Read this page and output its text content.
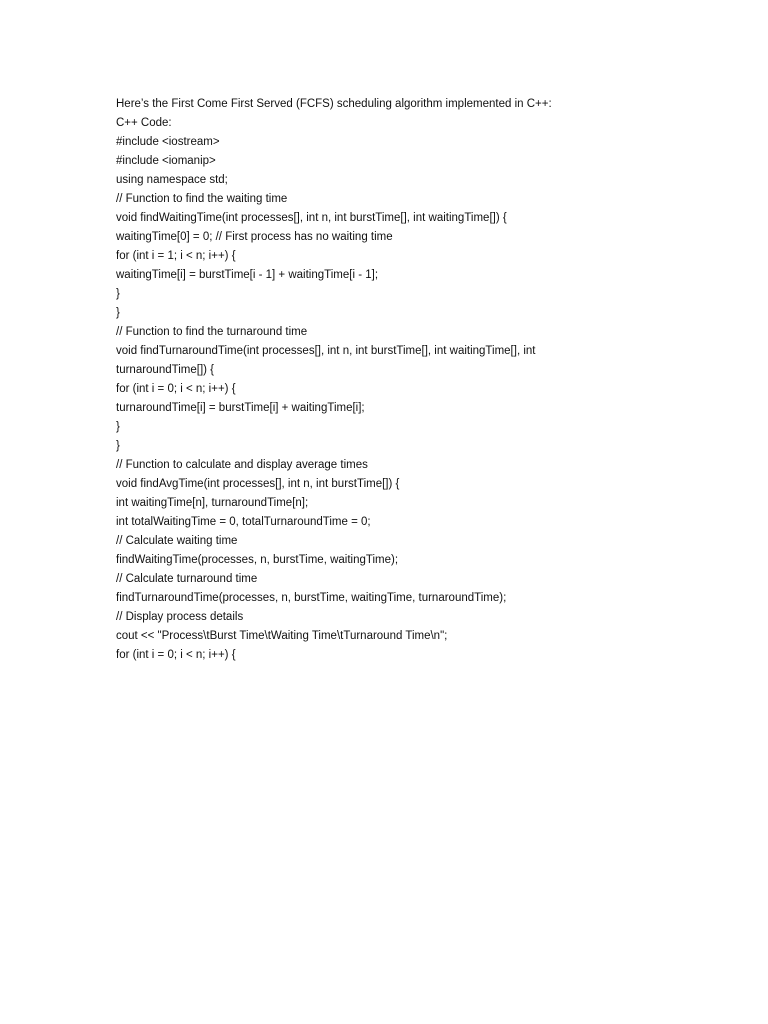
Here’s the First Come First Served (FCFS) scheduling algorithm implemented in C++:
C++ Code:
#include <iostream>
#include <iomanip>
using namespace std;
// Function to find the waiting time
void findWaitingTime(int processes[], int n, int burstTime[], int waitingTime[]) {
waitingTime[0] = 0; // First process has no waiting time
for (int i = 1; i < n; i++) {
waitingTime[i] = burstTime[i - 1] + waitingTime[i - 1];
}
}
// Function to find the turnaround time
void findTurnaroundTime(int processes[], int n, int burstTime[], int waitingTime[], int
turnaroundTime[]) {
for (int i = 0; i < n; i++) {
turnaroundTime[i] = burstTime[i] + waitingTime[i];
}
}
// Function to calculate and display average times
void findAvgTime(int processes[], int n, int burstTime[]) {
int waitingTime[n], turnaroundTime[n];
int totalWaitingTime = 0, totalTurnaroundTime = 0;
// Calculate waiting time
findWaitingTime(processes, n, burstTime, waitingTime);
// Calculate turnaround time
findTurnaroundTime(processes, n, burstTime, waitingTime, turnaroundTime);
// Display process details
cout << "Process\tBurst Time\tWaiting Time\tTurnaround Time\n";
for (int i = 0; i < n; i++) {
